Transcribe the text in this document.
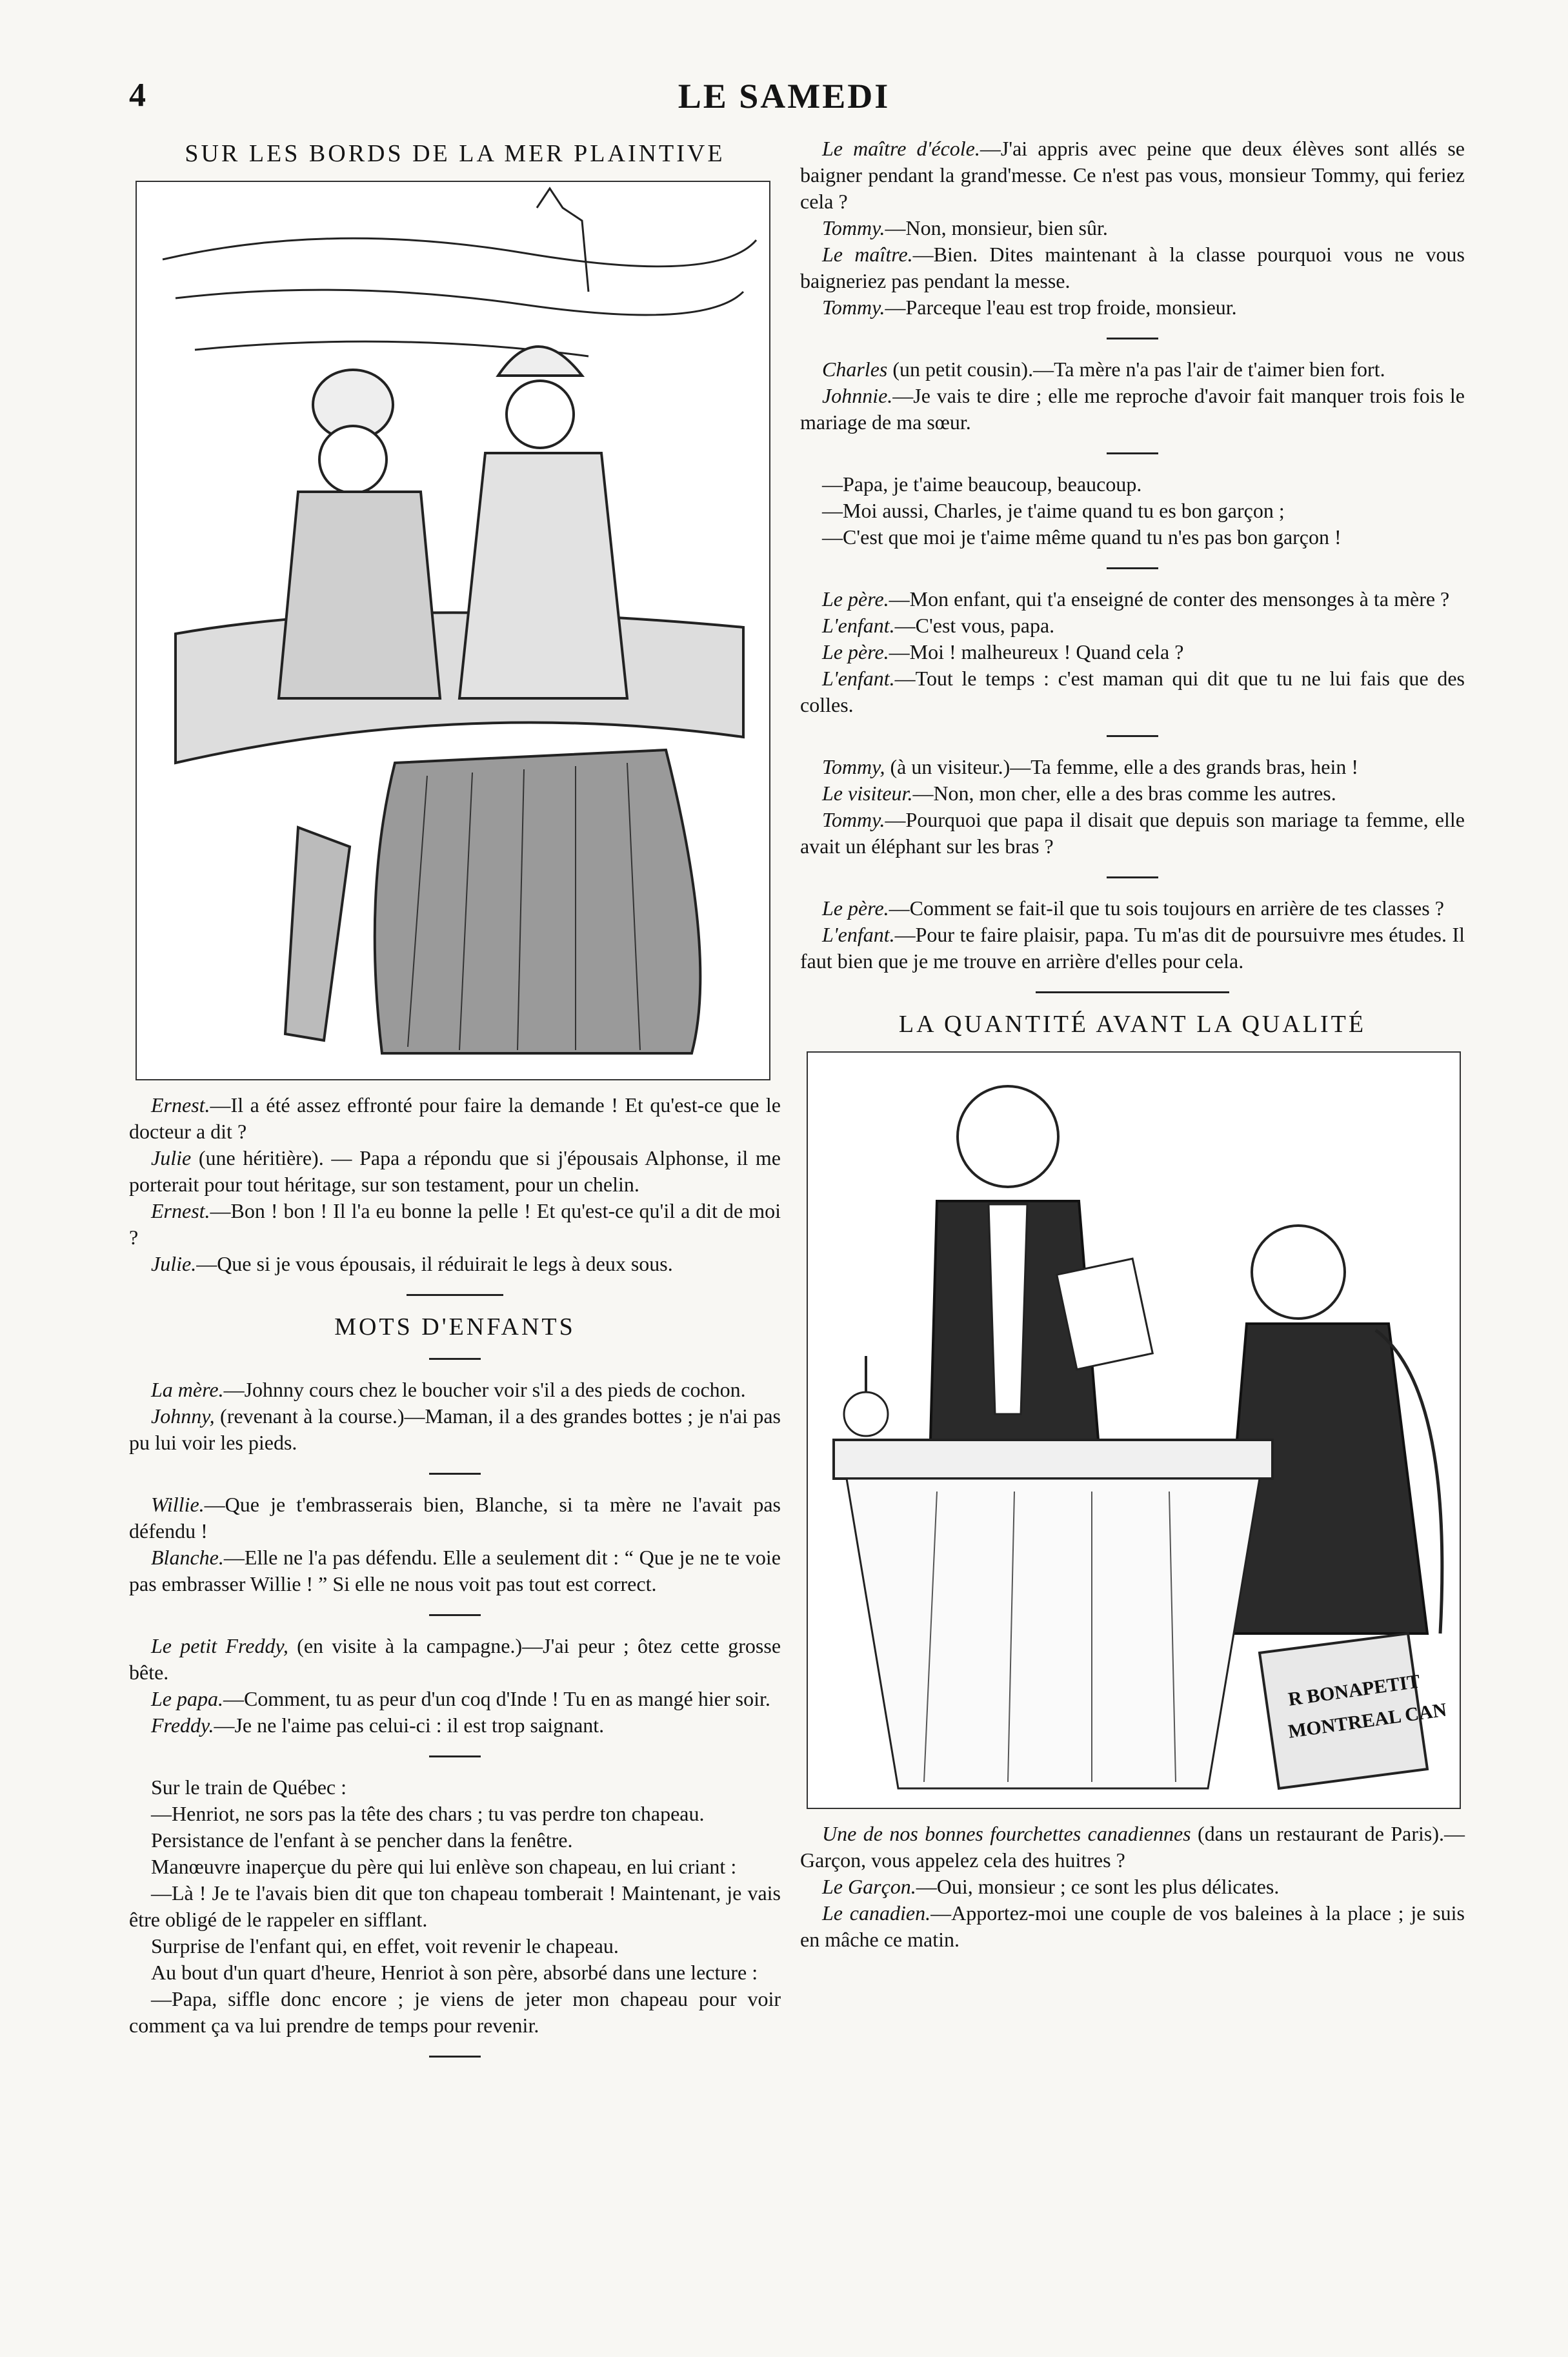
4	LE SAMEDI
SUR LES BORDS DE LA MER PLAINTIVE

Ernest.—Il a été assez effronté pour faire la demande ! Et qu'est-ce que le docteur a dit ?

Julie (une héritière). — Papa a répondu que si j'épousais Alphonse, il me porterait pour tout héritage, sur son testament, pour un chelin.

Ernest.—Bon ! bon ! Il l'a eu bonne la pelle ! Et qu'est-ce qu'il a dit de moi ?

Julie.—Que si je vous épousais, il réduirait le legs à deux sous.

MOTS D'ENFANTS

La mère.—Johnny cours chez le boucher voir s'il a des pieds de cochon.

Johnny, (revenant à la course.)—Maman, il a des grandes bottes ; je n'ai pas pu lui voir les pieds.

Willie.—Que je t'embrasserais bien, Blanche, si ta mère ne l'avait pas défendu !

Blanche.—Elle ne l'a pas défendu. Elle a seulement dit : “ Que je ne te voie pas embrasser Willie ! ” Si elle ne nous voit pas tout est correct.

Le petit Freddy, (en visite à la campagne.)—J'ai peur ; ôtez cette grosse bête.

Le papa.—Comment, tu as peur d'un coq d'Inde ! Tu en as mangé hier soir.

Freddy.—Je ne l'aime pas celui-ci : il est trop saignant.

Sur le train de Québec :

—Henriot, ne sors pas la tête des chars ; tu vas perdre ton chapeau.

Persistance de l'enfant à se pencher dans la fenêtre.

Manœuvre inaperçue du père qui lui enlève son chapeau, en lui criant :

—Là ! Je te l'avais bien dit que ton chapeau tomberait ! Maintenant, je vais être obligé de le rappeler en sifflant.

Surprise de l'enfant qui, en effet, voit revenir le chapeau.

Au bout d'un quart d'heure, Henriot à son père, absorbé dans une lecture :

—Papa, siffle donc encore ; je viens de jeter mon chapeau pour voir comment ça va lui prendre de temps pour revenir.

Le maître d'école.—J'ai appris avec peine que deux élèves sont allés se baigner pendant la grand'messe. Ce n'est pas vous, monsieur Tommy, qui feriez cela ?

Tommy.—Non, monsieur, bien sûr.

Le maître.—Bien. Dites maintenant à la classe pourquoi vous ne vous baigneriez pas pendant la messe.

Tommy.—Parceque l'eau est trop froide, monsieur.

Charles (un petit cousin).—Ta mère n'a pas l'air de t'aimer bien fort.

Johnnie.—Je vais te dire ; elle me reproche d'avoir fait manquer trois fois le mariage de ma sœur.

—Papa, je t'aime beaucoup, beaucoup.

—Moi aussi, Charles, je t'aime quand tu es bon garçon ;

—C'est que moi je t'aime même quand tu n'es pas bon garçon !

Le père.—Mon enfant, qui t'a enseigné de conter des mensonges à ta mère ?

L'enfant.—C'est vous, papa.

Le père.—Moi ! malheureux ! Quand cela ?

L'enfant.—Tout le temps : c'est maman qui dit que tu ne lui fais que des colles.

Tommy, (à un visiteur.)—Ta femme, elle a des grands bras, hein !

Le visiteur.—Non, mon cher, elle a des bras comme les autres.

Tommy.—Pourquoi que papa il disait que depuis son mariage ta femme, elle avait un éléphant sur les bras ?

Le père.—Comment se fait-il que tu sois toujours en arrière de tes classes ?

L'enfant.—Pour te faire plaisir, papa. Tu m'as dit de poursuivre mes études. Il faut bien que je me trouve en arrière d'elles pour cela.

LA QUANTITÉ AVANT LA QUALITÉ
R BONAPETIT
MONTREAL CAN

Une de nos bonnes fourchettes canadiennes (dans un restaurant de Paris).—Garçon, vous appelez cela des huitres ?

Le Garçon.—Oui, monsieur ; ce sont les plus délicates.

Le canadien.—Apportez-moi une couple de vos baleines à la place ; je suis en mâche ce matin.
